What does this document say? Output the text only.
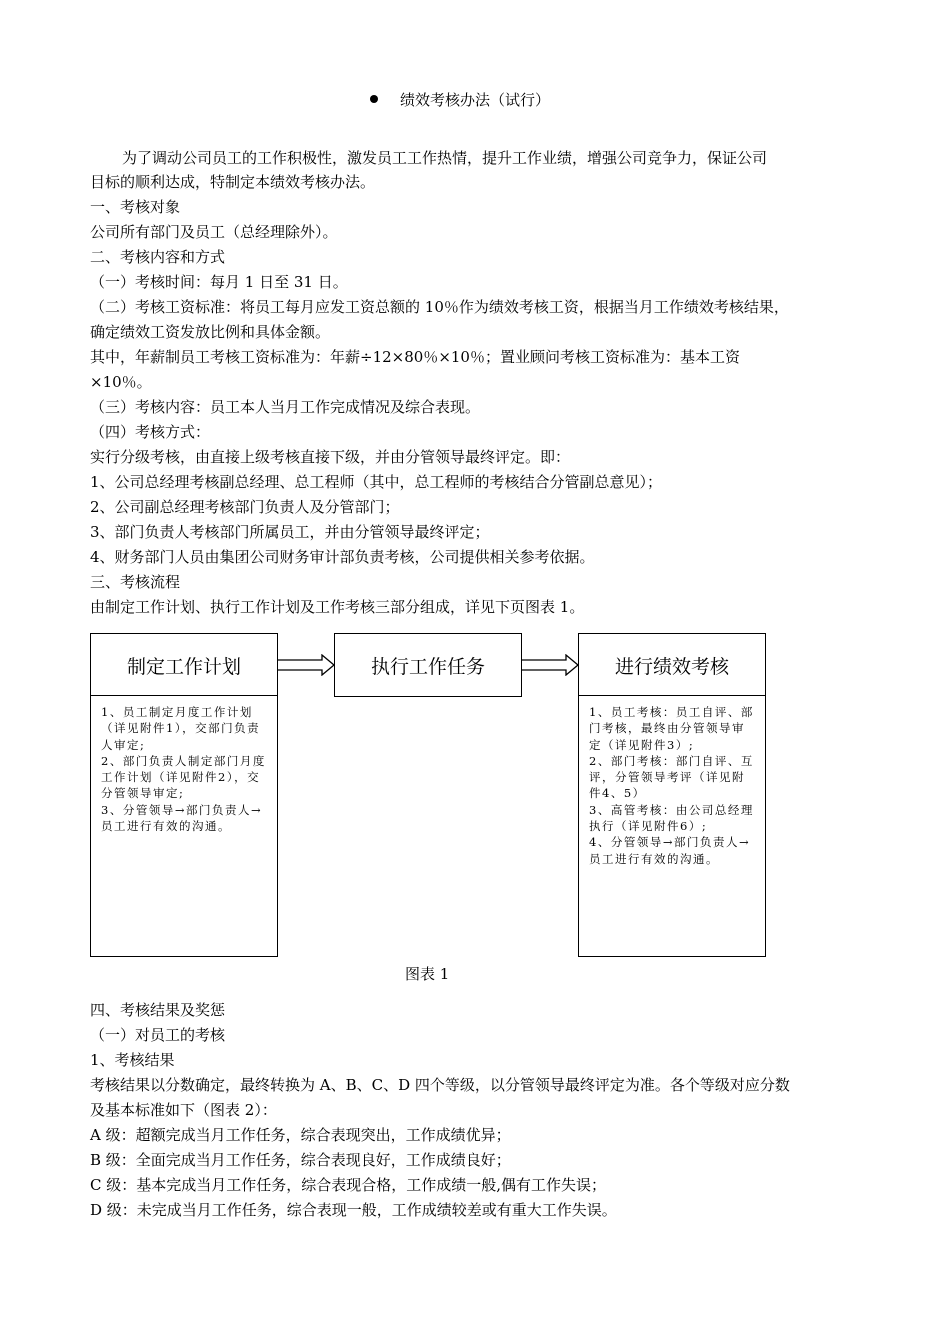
绩效考核办法（试行）
为了调动公司员工的工作积极性，激发员工工作热情，提升工作业绩，增强公司竞争力，保证公司
目标的顺利达成，特制定本绩效考核办法。
一、考核对象
公司所有部门及员工（总经理除外）。
二、考核内容和方式
（一）考核时间：每月 1 日至 31 日。
（二）考核工资标准：将员工每月应发工资总额的 10％作为绩效考核工资，根据当月工作绩效考核结果，
确定绩效工资发放比例和具体金额。
其中，年薪制员工考核工资标准为：年薪÷12×80％×10％；置业顾问考核工资标准为：基本工资
×10％。
（三）考核内容：员工本人当月工作完成情况及综合表现。
（四）考核方式：
实行分级考核，由直接上级考核直接下级，并由分管领导最终评定。即：
1、公司总经理考核副总经理、总工程师（其中，总工程师的考核结合分管副总意见）；
2、公司副总经理考核部门负责人及分管部门；
3、部门负责人考核部门所属员工，并由分管领导最终评定；
4、财务部门人员由集团公司财务审计部负责考核，公司提供相关参考依据。
三、考核流程
由制定工作计划、执行工作计划及工作考核三部分组成，详见下页图表 1。
制定工作计划
1、员工制定月度工作计划（详见附件1），交部门负责人审定;
2、部门负责人制定部门月度工作计划（详见附件2），交分管领导审定;
3、分管领导→部门负责人→员工进行有效的沟通。
执行工作任务	进行绩效考核
1、员工考核：员工自评、部门考核，最终由分管领导审定（详见附件3）;
2、部门考核：部门自评、互评，分管领导考评（详见附件4、5）
3、高管考核：由公司总经理执行（详见附件6）;
4、分管领导→部门负责人→员工进行有效的沟通。
图表 1
四、考核结果及奖惩
（一）对员工的考核
1、考核结果
考核结果以分数确定，最终转换为 A、B、C、D 四个等级，以分管领导最终评定为准。各个等级对应分数
及基本标准如下（图表 2）：
A 级：超额完成当月工作任务，综合表现突出，工作成绩优异；
B 级：全面完成当月工作任务，综合表现良好，工作成绩良好；
C 级：基本完成当月工作任务，综合表现合格，工作成绩一般,偶有工作失误；
D 级：未完成当月工作任务，综合表现一般，工作成绩较差或有重大工作失误。
